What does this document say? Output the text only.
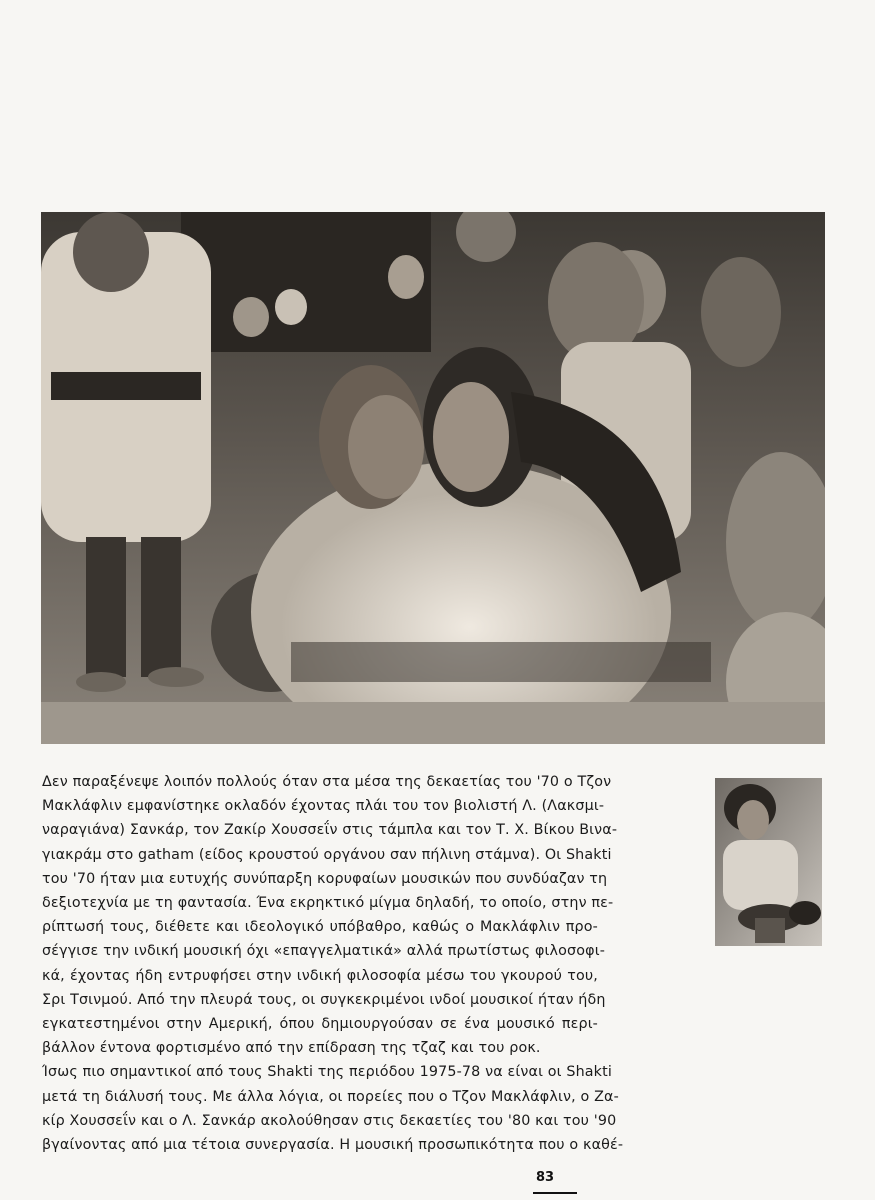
Δεν παραξένεψε λοιπόν πολλούς όταν στα μέσα της δεκαετίας του '70 ο Τζον
Μακλάφλιν εμφανίστηκε οκλαδόν έχοντας πλάι του τον βιολιστή Λ. (Λακσμι-
ναραγιάνα) Σανκάρ, τον Ζακίρ Χουσσεΐν στις τάμπλα και τον Τ. Χ. Βίκου Βινα-
γιακράμ στο gatham (είδος κρουστού οργάνου σαν πήλινη στάμνα). Οι Shakti
του '70 ήταν μια ευτυχής συνύπαρξη κορυφαίων μουσικών που συνδύαζαν τη
δεξιοτεχνία με τη φαντασία. Ένα εκρηκτικό μίγμα δηλαδή, το οποίο, στην πε-
ρίπτωσή τους, διέθετε και ιδεολογικό υπόβαθρο, καθώς ο Μακλάφλιν προ-
σέγγισε την ινδική μουσική όχι «επαγγελματικά» αλλά πρωτίστως φιλοσοφι-
κά, έχοντας ήδη εντρυφήσει στην ινδική φιλοσοφία μέσω του γκουρού του,
Σρι Τσινμού. Από την πλευρά τους, οι συγκεκριμένοι ινδοί μουσικοί ήταν ήδη
εγκατεστημένοι στην Αμερική, όπου δημιουργούσαν σε ένα μουσικό περι-
βάλλον έντονα φορτισμένο από την επίδραση της τζαζ και του ροκ.

Ίσως πιο σημαντικοί από τους Shakti της περιόδου 1975-78 να είναι οι Shakti
μετά τη διάλυσή τους. Με άλλα λόγια, οι πορείες που ο Τζον Μακλάφλιν, ο Ζα-
κίρ Χουσσεΐν και ο Λ. Σανκάρ ακολούθησαν στις δεκαετίες του '80 και του '90
βγαίνοντας από μια τέτοια συνεργασία. Η μουσική προσωπικότητα που ο καθέ-

83
